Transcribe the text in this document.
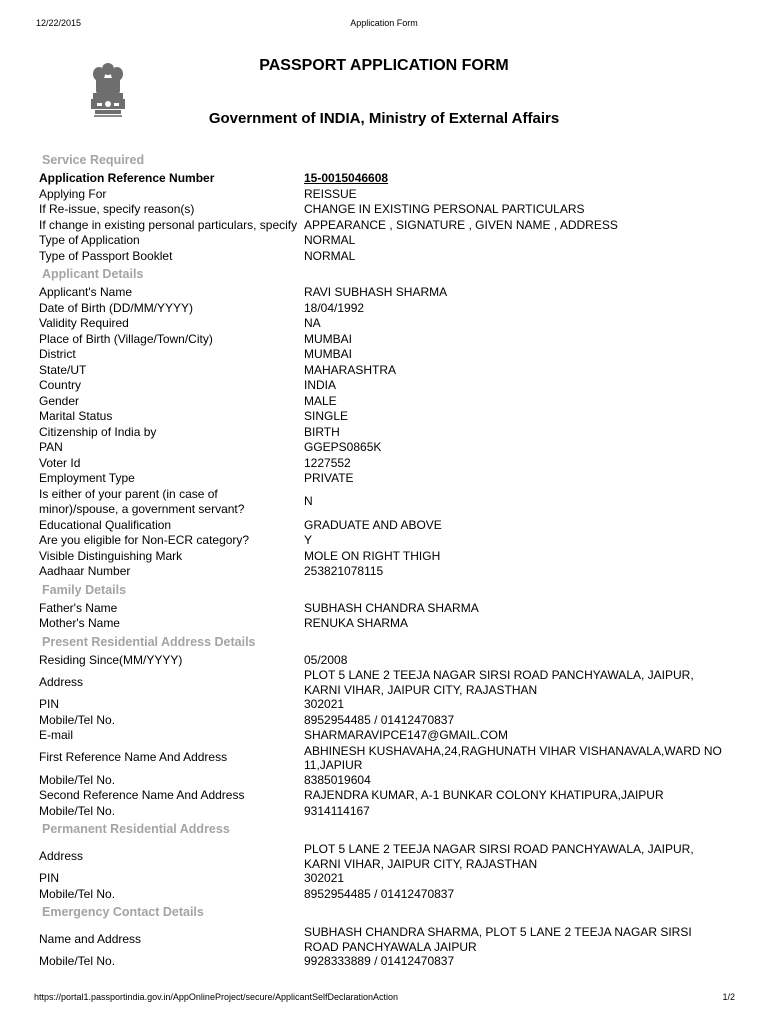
12/22/2015	Application Form
PASSPORT APPLICATION FORM
Government of INDIA, Ministry of External Affairs
Service Required
Application Reference Number	15-0015046608
Applying For	REISSUE
If Re-issue, specify reason(s)	CHANGE IN EXISTING PERSONAL PARTICULARS
If change in existing personal particulars, specify APPEARANCE , SIGNATURE , GIVEN NAME , ADDRESS
Type of Application	NORMAL
Type of Passport Booklet	NORMAL
Applicant Details
Applicant's Name	RAVI SUBHASH SHARMA
Date of Birth (DD/MM/YYYY)	18/04/1992
Validity Required	NA
Place of Birth (Village/Town/City)	MUMBAI
District	MUMBAI
State/UT	MAHARASHTRA
Country	INDIA
Gender	MALE
Marital Status	SINGLE
Citizenship of India by	BIRTH
PAN	GGEPS0865K
Voter Id	1227552
Employment Type	PRIVATE
Is either of your parent (in case of minor)/spouse, a government servant?
N
Educational Qualification	GRADUATE AND ABOVE
Are you eligible for Non-ECR category?	Y
Visible Distinguishing Mark	MOLE ON RIGHT THIGH
Aadhaar Number	253821078115
Family Details
Father's Name	SUBHASH CHANDRA SHARMA
Mother's Name	RENUKA SHARMA
Present Residential Address Details
Residing Since(MM/YYYY)	05/2008
Address	PLOT 5 LANE 2 TEEJA NAGAR SIRSI ROAD PANCHYAWALA, JAIPUR, KARNI VIHAR, JAIPUR CITY, RAJASTHAN
PIN	302021
Mobile/Tel No.	8952954485 / 01412470837
E-mail	SHARMARAVIPCE147@GMAIL.COM
First Reference Name And Address	ABHINESH KUSHAVAHA,24,RAGHUNATH VIHAR VISHANAVALA,WARD NO 11,JAPIUR
Mobile/Tel No.	8385019604
Second Reference Name And Address	RAJENDRA KUMAR, A-1 BUNKAR COLONY KHATIPURA,JAIPUR
Mobile/Tel No.	9314114167
Permanent Residential Address
Address	PLOT 5 LANE 2 TEEJA NAGAR SIRSI ROAD PANCHYAWALA, JAIPUR, KARNI VIHAR, JAIPUR CITY, RAJASTHAN
PIN	302021
Mobile/Tel No.	8952954485 / 01412470837
Emergency Contact Details
Name and Address	SUBHASH CHANDRA SHARMA, PLOT 5 LANE 2 TEEJA NAGAR SIRSI ROAD PANCHYAWALA JAIPUR
Mobile/Tel No.	9928333889 / 01412470837
https://portal1.passportindia.gov.in/AppOnlineProject/secure/ApplicantSelfDeclarationAction	1/2
